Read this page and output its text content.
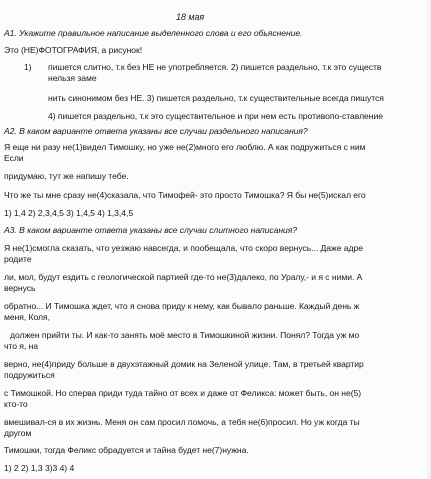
18 мая
А1. Укажите правильное написание выделенного слова и его обьяснение.
Это (НЕ)ФОТОГРАФИЯ, а рисунок!
1) пишется слитно, т.к без НЕ не употребляется. 2) пишется раздельно, т.к это существ
нельзя заме
нить синонимом без НЕ. 3) пишется раздельно, т.к существительные всегда пишутся
4) пишется раздельно, т.к это существительное и при нем есть противопо-ставление
А2. В каком варианте ответа указаны все случаи раздельного написания?
Я еще ни разу не(1)видел Тимошку, но уже не(2)много его люблю. А как подружиться с ним
Если
придумаю, тут же напишу тебе.
Что же ты мне сразу не(4)сказала, что Тимофей- это просто Тимошка? Я бы не(5)искал его
1) 1,4 2) 2,3,4,5 3) 1,4,5 4) 1,3,4,5
А3. В каком варианте ответа указаны все случаи слитного написания?
Я не(1)смогла сказать, что уезжаю навсегда, и пообещала, что скоро вернусь... Даже адре
родите
ли, мол, будут ездить с геологической партией где-то не(3)далеко, по Уралу,- и я с ними. А
вернусь
обратно... И Тимошка ждет, что я снова приду к нему, как бывало раньше. Каждый день ж
меня, Коля,
должен прийти ты. И как-то занять моё место в Тимошкиной жизни. Понял? Тогда уж мо
что я, на
верно, не(4)приду больше в двухэтажный домик на Зеленой улице. Там, в третьей квартир
подружиться
с Тимошкой. Но сперва приди туда тайно от всех и даже от Феликса: может быть, он не(5)
кто-то
вмешивал-ся в их жизнь. Меня он сам просил помочь, а тебя не(6)просил. Но уж когда ты
другом
Тимошки, тогда Феликс обрадуется и тайна будет не(7)нужна.
1) 2 2) 1,3 3)3 4) 4
